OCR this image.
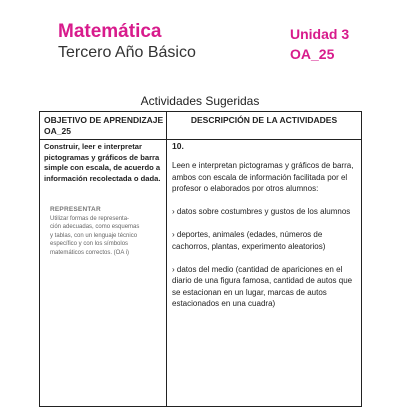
Matemática
Tercero Año Básico
Unidad 3
OA_25
Actividades Sugeridas
OBJETIVO DE APRENDIZAJE
OA_25
DESCRIPCIÓN DE LA ACTIVIDADES
Construir, leer e interpretar
pictogramas y gráficos de barra
simple con escala, de acuerdo a
información recolectada o dada.
REPRESENTAR
Utilizar formas de representa-
ción adecuadas, como esquemas
y tablas, con un lenguaje técnico
específico y con los símbolos
matemáticos correctos. (OA i)
10.
Leen e interpretan pictogramas y gráficos de barra,
ambos con escala de información facilitada por el
profesor o elaborados por otros alumnos:
› datos sobre costumbres y gustos de los alumnos
› deportes, animales (edades, números de
cachorros, plantas, experimento aleatorios)
› datos del medio (cantidad de apariciones en el
diario de una figura famosa, cantidad de autos que
se estacionan en un lugar, marcas de autos
estacionados en una cuadra)
